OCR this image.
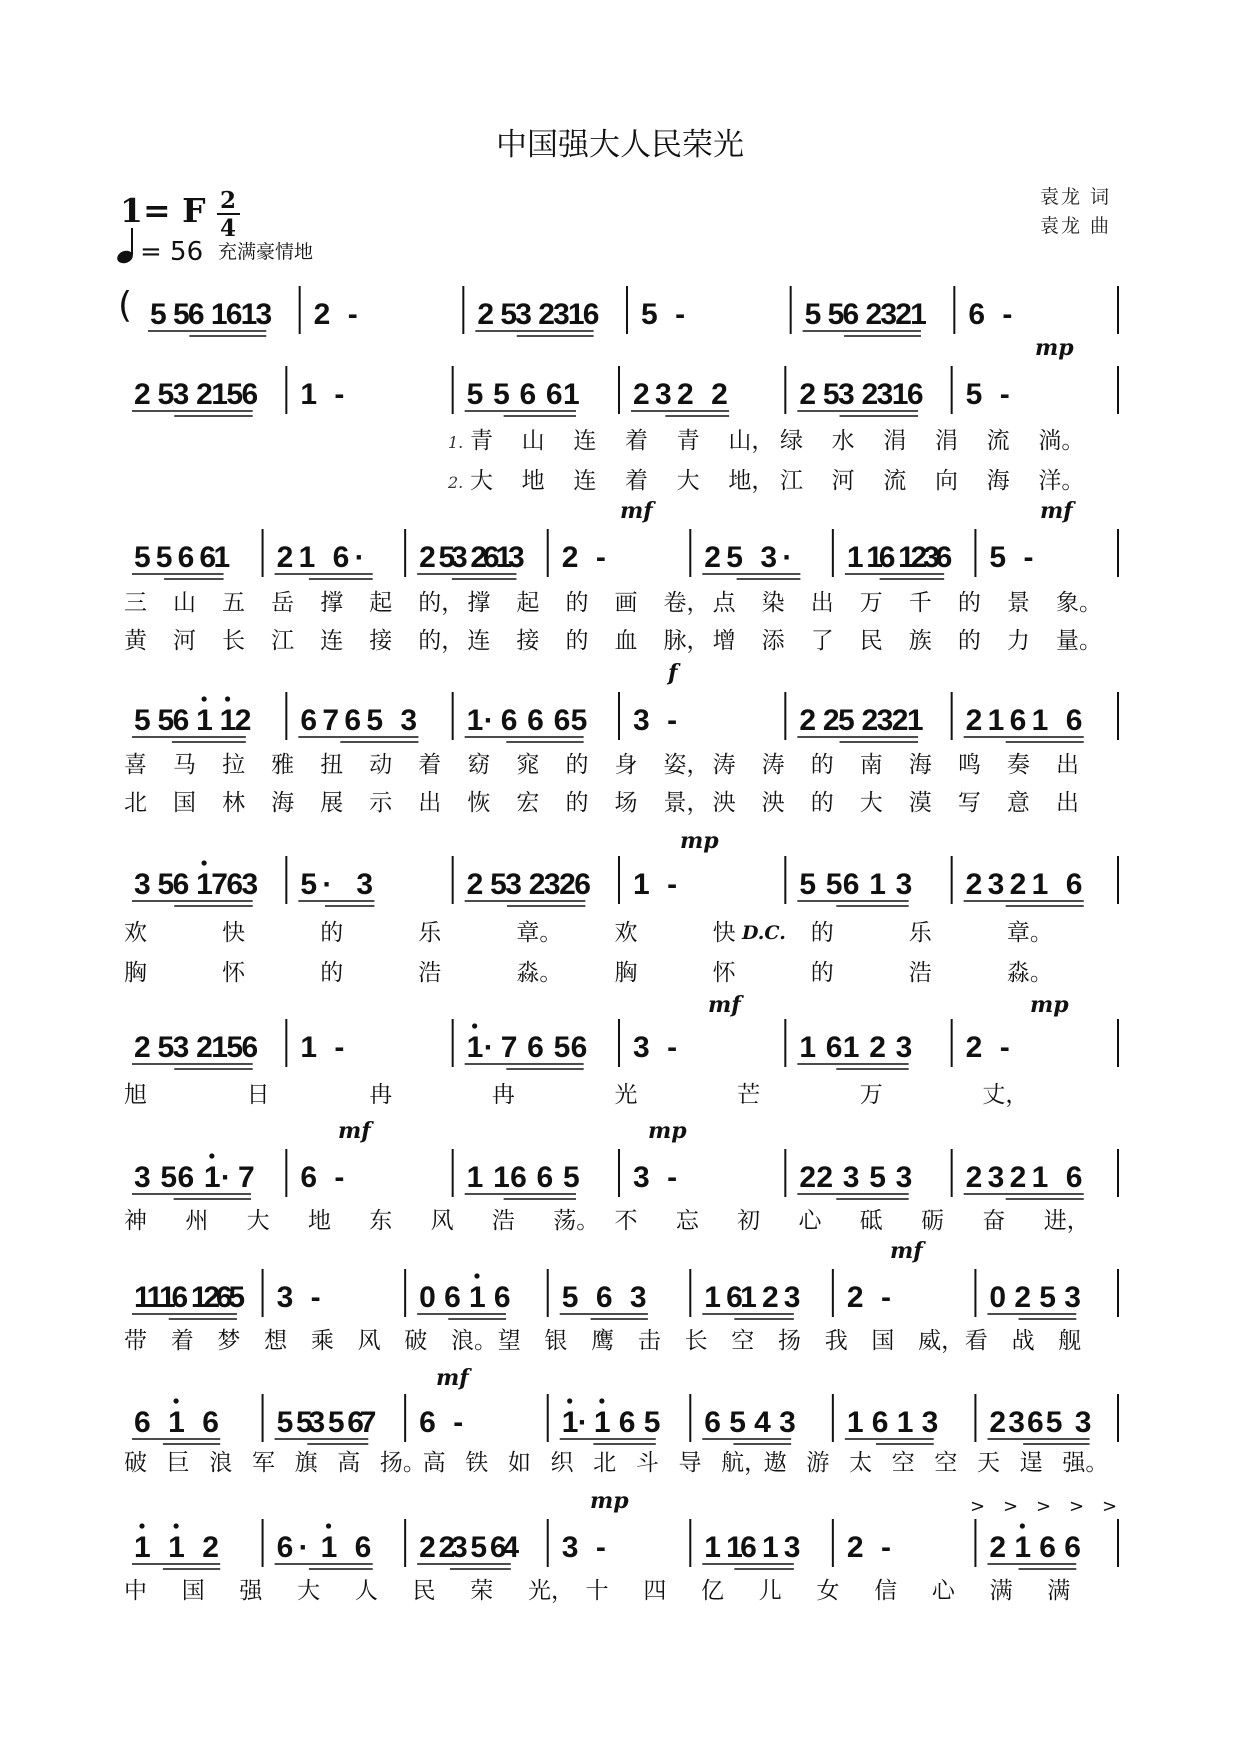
中国强大人民荣光
1= F 2
4
= 56 充满豪情地
袁龙 词
袁龙 曲
( 5 5
6 1
6
1
3 2 -	2 5
3 2
3
1
6 5 -	5 5
6 2
3
2
1 6 -
mp
2 5
3 2
1
5
6 1 -	5 5 6 6 1 2 3 2 2 2 5
3 2
3
1
6 5 -
1. 青 山 连 着 青 山， 绿 水 涓 涓 流 淌。
2. 大 地 连 着 大 地， 江 河 流 向 海 洋。
5 5 6 6
1 2 1 6 · 2 5
3 2
6
1
3 2 -	2 5 3 · 1 1
6 1
2
3
6 5 -
mf	mf
三 山 五 岳 撑 起 的， 撑 起 的 画 卷， 点 染 出 万 千 的 景 象。
黄 河 长 江 连 接 的， 连 接 的 血 脉， 增 添 了 民 族 的 力 量。
5 5
6 1 1
2 6 7 6 5 3 1 · 6 6 6 5 3 -	2 2
5 2
3
2
1 2 1 6 1 6
f
喜 马 拉 雅 扭 动 着 窈 窕 的 身 姿， 涛 涛 的 南 海 鸣 奏 出
北 国 林 海 展 示 出 恢 宏 的 场 景， 泱 泱 的 大 漠 写 意 出
3 5
6 1
7
6
3 5 · 3	2 5
3 2
3
2
6 1 -	5 5 6 1 3 2 3 2 1 6
mp
欢	快	的	乐	章。 欢	快	的	乐	章。
胸	怀	的	浩	淼。 胸	怀	的	浩	淼。
2 5
3 2
1
5
6 1 -	1 · 7 6 5 6 3 -	1 6 1 2 3 2 -
mf	mp
旭	日	冉	冉	光	芒	万	丈，
3 5 6 1 · 7 6 -	1 1 6 6 5 3 -	2 2 3 5 3 2 3 2 1 6
mf	mp
神 州 大 地 东 风 浩 荡。 不 忘 初 心 砥 砺 奋 进，
1
1
1
6 1
2
6
5 3 -	0 6 1 6 5 6 3 1 6
1 2 3 2 -	0 2 5 3
mf
带 着 梦 想 乘 风 破 浪。 望 银 鹰 击 长 空 扬 我 国 威， 看 战 舰
6 1 6 5 5
3 5 6
7 6 -	1 · 1 6 5 6 5 4 3 1 6 1 3 2 3 6 5 3
mf
破 巨 浪 军 旗 高 扬。
高 铁 如 织 北 斗 导 航，
遨 游 太 空 空 天 逞 强。
1 1 2 6 · 1 6 2 2
3 5 6
4 3 -	1 1
6 1 3 2 -	2 1 6 6
mp
中 国 强 大 人 民 荣 光， 十 四 亿 儿 女 信 心 满 满
> > > > >
D.C.
